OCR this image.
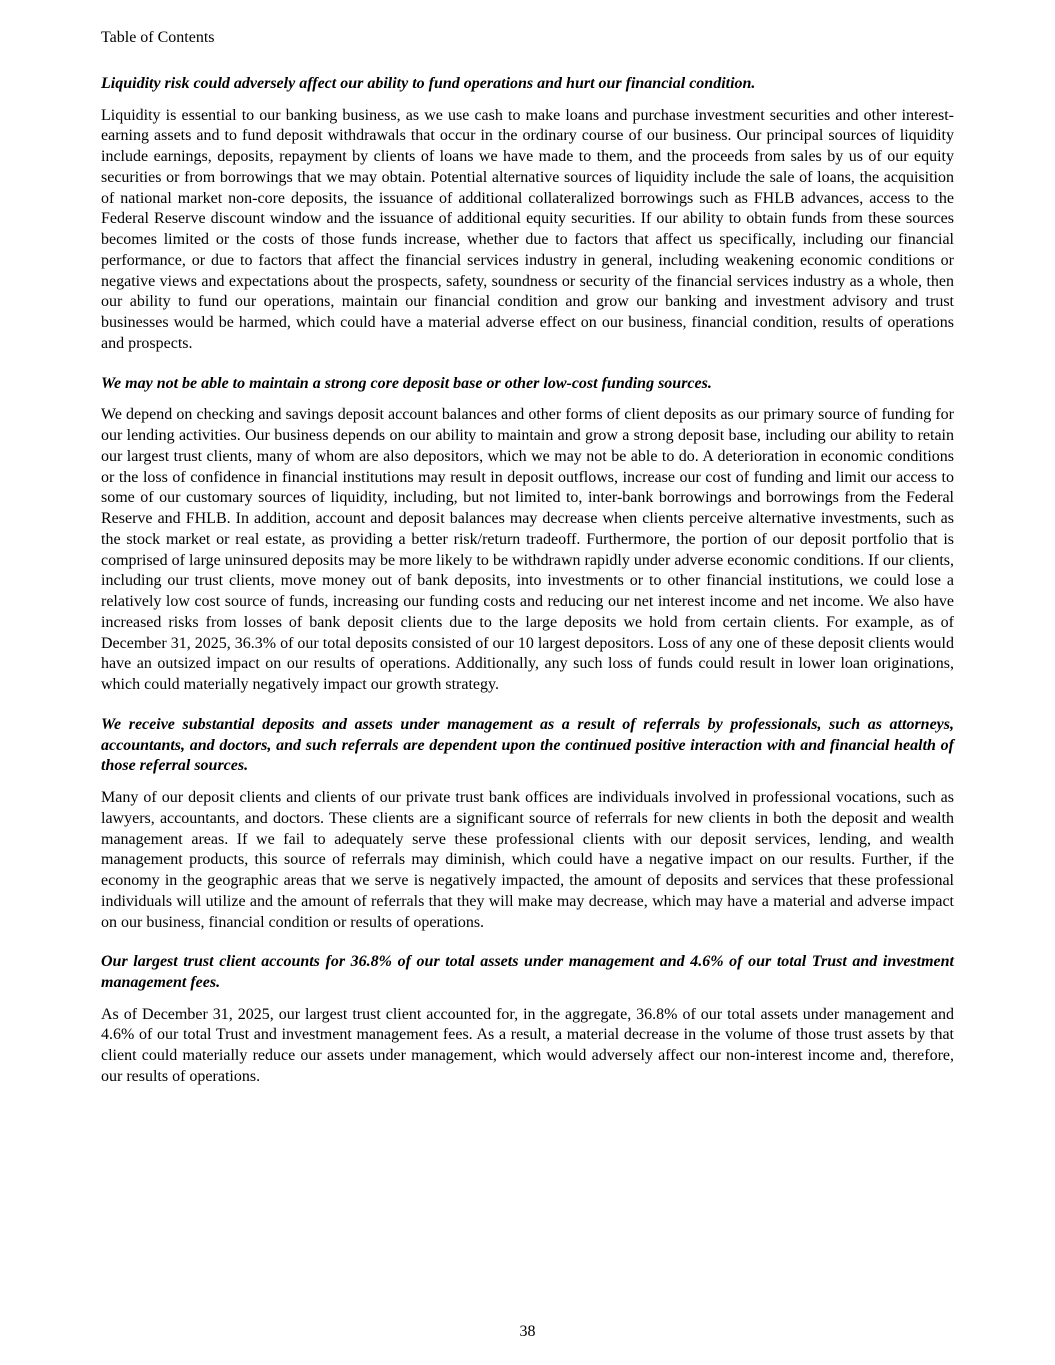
Table of Contents

Liquidity risk could adversely affect our ability to fund operations and hurt our financial condition.

Liquidity is essential to our banking business, as we use cash to make loans and purchase investment securities and other interest-earning assets and to fund deposit withdrawals that occur in the ordinary course of our business. Our principal sources of liquidity include earnings, deposits, repayment by clients of loans we have made to them, and the proceeds from sales by us of our equity securities or from borrowings that we may obtain. Potential alternative sources of liquidity include the sale of loans, the acquisition of national market non-core deposits, the issuance of additional collateralized borrowings such as FHLB advances, access to the Federal Reserve discount window and the issuance of additional equity securities. If our ability to obtain funds from these sources becomes limited or the costs of those funds increase, whether due to factors that affect us specifically, including our financial performance, or due to factors that affect the financial services industry in general, including weakening economic conditions or negative views and expectations about the prospects, safety, soundness or security of the financial services industry as a whole, then our ability to fund our operations, maintain our financial condition and grow our banking and investment advisory and trust businesses would be harmed, which could have a material adverse effect on our business, financial condition, results of operations and prospects.

We may not be able to maintain a strong core deposit base or other low-cost funding sources.

We depend on checking and savings deposit account balances and other forms of client deposits as our primary source of funding for our lending activities. Our business depends on our ability to maintain and grow a strong deposit base, including our ability to retain our largest trust clients, many of whom are also depositors, which we may not be able to do. A deterioration in economic conditions or the loss of confidence in financial institutions may result in deposit outflows, increase our cost of funding and limit our access to some of our customary sources of liquidity, including, but not limited to, inter-bank borrowings and borrowings from the Federal Reserve and FHLB. In addition, account and deposit balances may decrease when clients perceive alternative investments, such as the stock market or real estate, as providing a better risk/return tradeoff. Furthermore, the portion of our deposit portfolio that is comprised of large uninsured deposits may be more likely to be withdrawn rapidly under adverse economic conditions. If our clients, including our trust clients, move money out of bank deposits, into investments or to other financial institutions, we could lose a relatively low cost source of funds, increasing our funding costs and reducing our net interest income and net income. We also have increased risks from losses of bank deposit clients due to the large deposits we hold from certain clients. For example, as of December 31, 2025, 36.3% of our total deposits consisted of our 10 largest depositors. Loss of any one of these deposit clients would have an outsized impact on our results of operations. Additionally, any such loss of funds could result in lower loan originations, which could materially negatively impact our growth strategy.

We receive substantial deposits and assets under management as a result of referrals by professionals, such as attorneys, accountants, and doctors, and such referrals are dependent upon the continued positive interaction with and financial health of those referral sources.

Many of our deposit clients and clients of our private trust bank offices are individuals involved in professional vocations, such as lawyers, accountants, and doctors. These clients are a significant source of referrals for new clients in both the deposit and wealth management areas. If we fail to adequately serve these professional clients with our deposit services, lending, and wealth management products, this source of referrals may diminish, which could have a negative impact on our results. Further, if the economy in the geographic areas that we serve is negatively impacted, the amount of deposits and services that these professional individuals will utilize and the amount of referrals that they will make may decrease, which may have a material and adverse impact on our business, financial condition or results of operations.

Our largest trust client accounts for 36.8% of our total assets under management and 4.6% of our total Trust and investment management fees.

As of December 31, 2025, our largest trust client accounted for, in the aggregate, 36.8% of our total assets under management and 4.6% of our total Trust and investment management fees. As a result, a material decrease in the volume of those trust assets by that client could materially reduce our assets under management, which would adversely affect our non-interest income and, therefore, our results of operations.

38
